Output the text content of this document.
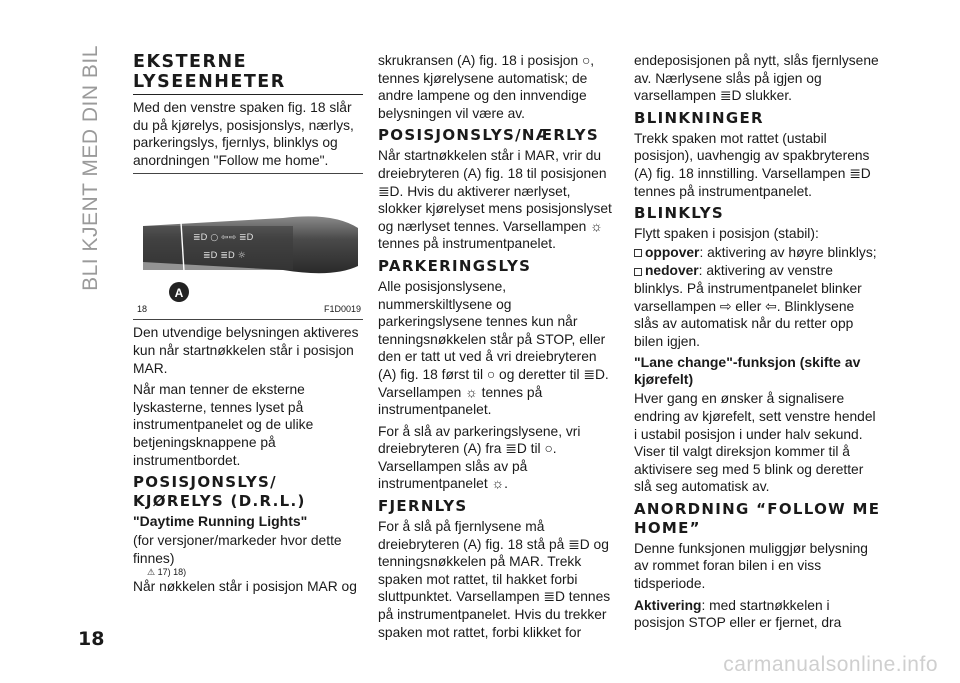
BLI KJENT MED DIN BIL EKSTERNE LYSEENHETER

Med den venstre spaken fig. 18 slår du på kjørelys, posisjonslys, nærlys, parkeringslys, fjernlys, blinklys og anordningen "Follow me home".

≣D ○ ⇦⇨ ≣D
≣D ≣D ☼
A
18	F1D0019

Den utvendige belysningen aktiveres kun når startnøkkelen står i posisjon MAR.

Når man tenner de eksterne lyskasterne, tennes lyset på instrumentpanelet og de ulike betjeningsknappene på instrumentbordet.

POSISJONSLYS/ KJØRELYS (D.R.L.)
"Daytime Running Lights"

(for versjoner/markeder hvor dette finnes)

⚠ 17) 18)

Når nøkkelen står i posisjon MAR og

skrukransen (A) fig. 18 i posisjon ○, tennes kjørelysene automatisk; de andre lampene og den innvendige belysningen vil være av.

POSISJONSLYS/NÆRLYS

Når startnøkkelen står i MAR, vrir du dreiebryteren (A) fig. 18 til posisjonen ≣D. Hvis du aktiverer nærlyset, slokker kjørelyset mens posisjonslyset og nærlyset tennes. Varsellampen ☼ tennes på instrumentpanelet.

PARKERINGSLYS

Alle posisjonslysene, nummerskiltlysene og parkeringslysene tennes kun når tenningsnøkkelen står på STOP, eller den er tatt ut ved å vri dreiebryteren (A) fig. 18 først til ○ og deretter til ≣D. Varsellampen ☼ tennes på instrumentpanelet.

For å slå av parkeringslysene, vri dreiebryteren (A) fra ≣D til ○. Varsellampen slås av på instrumentpanelet ☼.

FJERNLYS

For å slå på fjernlysene må dreiebryteren (A) fig. 18 stå på ≣D og tenningsnøkkelen på MAR. Trekk spaken mot rattet, til hakket forbi sluttpunktet. Varsellampen ≣D tennes på instrumentpanelet. Hvis du trekker spaken mot rattet, forbi klikket for

endeposisjonen på nytt, slås fjernlysene av. Nærlysene slås på igjen og varsellampen ≣D slukker.

BLINKNINGER

Trekk spaken mot rattet (ustabil posisjon), uavhengig av spakbryterens (A) fig. 18 innstilling. Varsellampen ≣D tennes på instrumentpanelet.

BLINKLYS

Flytt spaken i posisjon (stabil):

oppover: aktivering av høyre blinklys;

nedover: aktivering av venstre blinklys. På instrumentpanelet blinker varsellampen ⇨ eller ⇦. Blinklysene slås av automatisk når du retter opp bilen igjen.

"Lane change"-funksjon (skifte av kjørefelt)

Hver gang en ønsker å signalisere endring av kjørefelt, sett venstre hendel i ustabil posisjon i under halv sekund. Viser til valgt direksjon kommer til å aktivisere seg med 5 blink og deretter slå seg automatisk av.

ANORDNING “FOLLOW ME HOME”

Denne funksjonen muliggjør belysning av rommet foran bilen i en viss tidsperiode.

Aktivering: med startnøkkelen i posisjon STOP eller er fjernet, dra

18
carmanualsonline.info
